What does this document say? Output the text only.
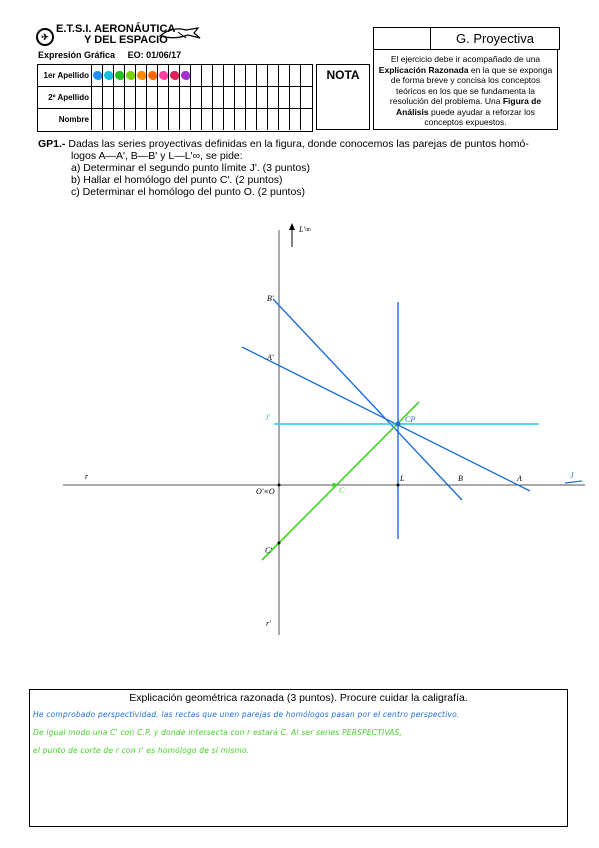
✈
E.T.S.I. AERONÁUTICA
Y DEL ESPACIO
Expresión Gráfica EO: 01/06/17
1er Apellido
2º Apellido
Nombre
NOTA
G. Proyectiva
El ejercicio debe ir acompañado de una Explicación Razonada en la que se exponga de forma breve y concisa los conceptos teóricos en los que se fundamenta la resolución del problema. Una Figura de Análisis puede ayudar a reforzar los conceptos expuestos.
GP1.- Dadas las series proyectivas definidas en la figura, donde conocemos las parejas de puntos homó-
logos A—A', B—B' y L—L'∞, se pide:
a) Determinar el segundo punto límite J'. (3 puntos)
b) Hallar el homólogo del punto C'. (2 puntos)
c) Determinar el homólogo del punto O. (2 puntos)
L'∞
B'
A'
J'	CP
r	L	B	A	J
O'≡O	C
C'
r'
Explicación geométrica razonada (3 puntos). Procure cuidar la caligrafía.
He comprobado perspectividad. las rectas que unen parejas de homólogos pasan por el centro perspectivo.
De igual modo una C' con C.P. y donde intersecta con r estará C. Al ser series PERSPECTIVAS,
el punto de corte de r con r' es homólogo de sí mismo.
